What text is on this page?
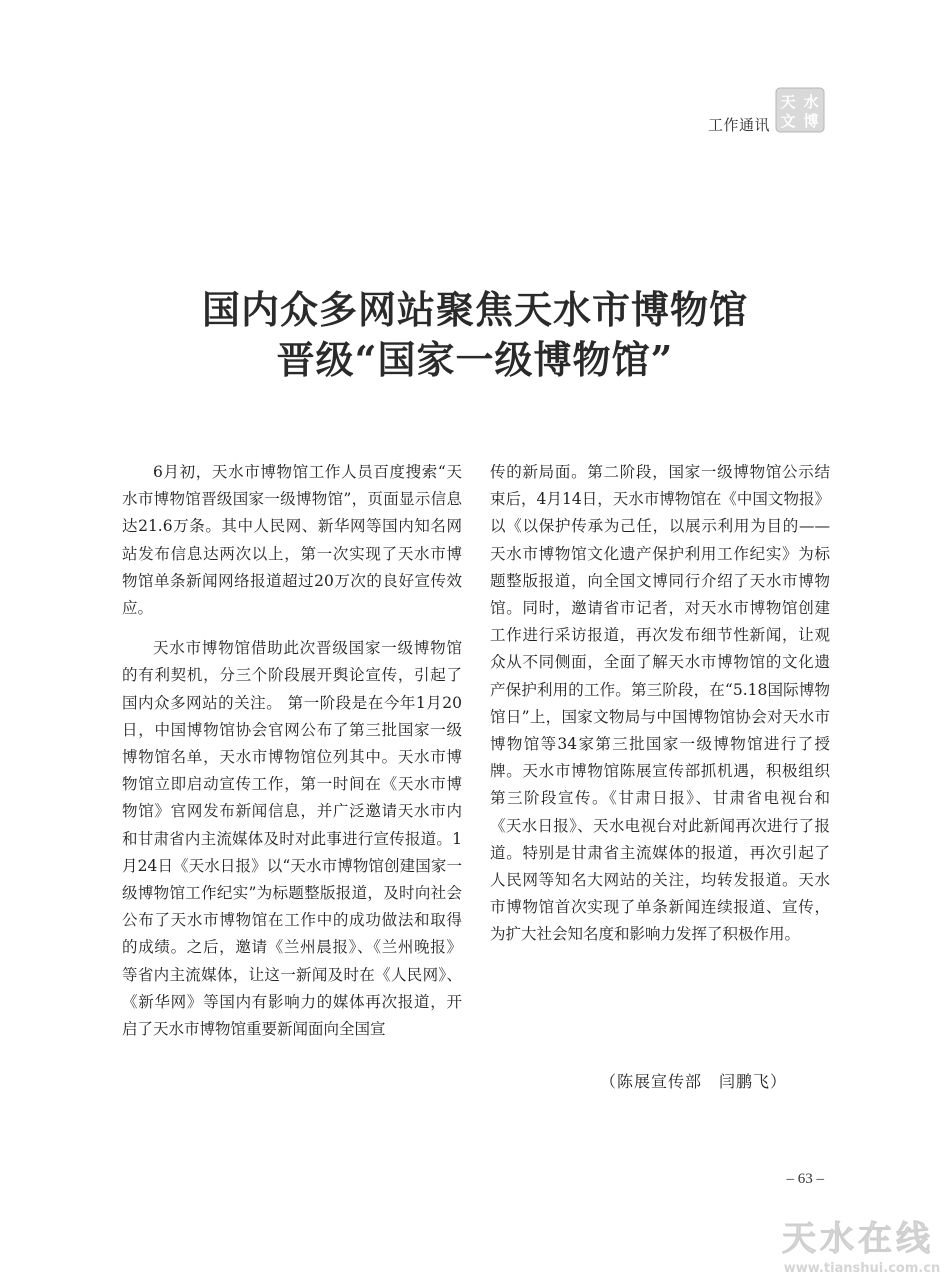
工作通讯
天 水
文 博
国内众多网站聚焦天水市博物馆
晋级“国家一级博物馆”

6月初，天水市博物馆工作人员百度搜索“天水市博物馆晋级国家一级博物馆”，页面显示信息达21.6万条。其中人民网、新华网等国内知名网站发布信息达两次以上，第一次实现了天水市博物馆单条新闻网络报道超过20万次的良好宣传效应。

天水市博物馆借助此次晋级国家一级博物馆的有利契机，分三个阶段展开舆论宣传，引起了国内众多网站的关注。 第一阶段是在今年1月20日，中国博物馆协会官网公布了第三批国家一级博物馆名单，天水市博物馆位列其中。天水市博物馆立即启动宣传工作，第一时间在《天水市博物馆》官网发布新闻信息，并广泛邀请天水市内和甘肃省内主流媒体及时对此事进行宣传报道。1月24日《天水日报》以“天水市博物馆创建国家一级博物馆工作纪实”为标题整版报道，及时向社会公布了天水市博物馆在工作中的成功做法和取得的成绩。之后，邀请《兰州晨报》、《兰州晚报》等省内主流媒体，让这一新闻及时在《人民网》、《新华网》等国内有影响力的媒体再次报道，开启了天水市博物馆重要新闻面向全国宣

传的新局面。第二阶段，国家一级博物馆公示结束后，4月14日，天水市博物馆在《中国文物报》以《以保护传承为己任，以展示利用为目的——天水市博物馆文化遗产保护利用工作纪实》为标题整版报道，向全国文博同行介绍了天水市博物馆。同时，邀请省市记者，对天水市博物馆创建工作进行采访报道，再次发布细节性新闻，让观众从不同侧面，全面了解天水市博物馆的文化遗产保护利用的工作。第三阶段，在“5.18国际博物馆日”上，国家文物局与中国博物馆协会对天水市博物馆等34家第三批国家一级博物馆进行了授牌。天水市博物馆陈展宣传部抓机遇，积极组织第三阶段宣传。《甘肃日报》、甘肃省电视台和《天水日报》、天水电视台对此新闻再次进行了报道。特别是甘肃省主流媒体的报道，再次引起了人民网等知名大网站的关注，均转发报道。天水市博物馆首次实现了单条新闻连续报道、宣传，为扩大社会知名度和影响力发挥了积极作用。

（陈展宣传部　闫鹏飞）
– 63 –
天水在线
www.tianshui.com.cn
